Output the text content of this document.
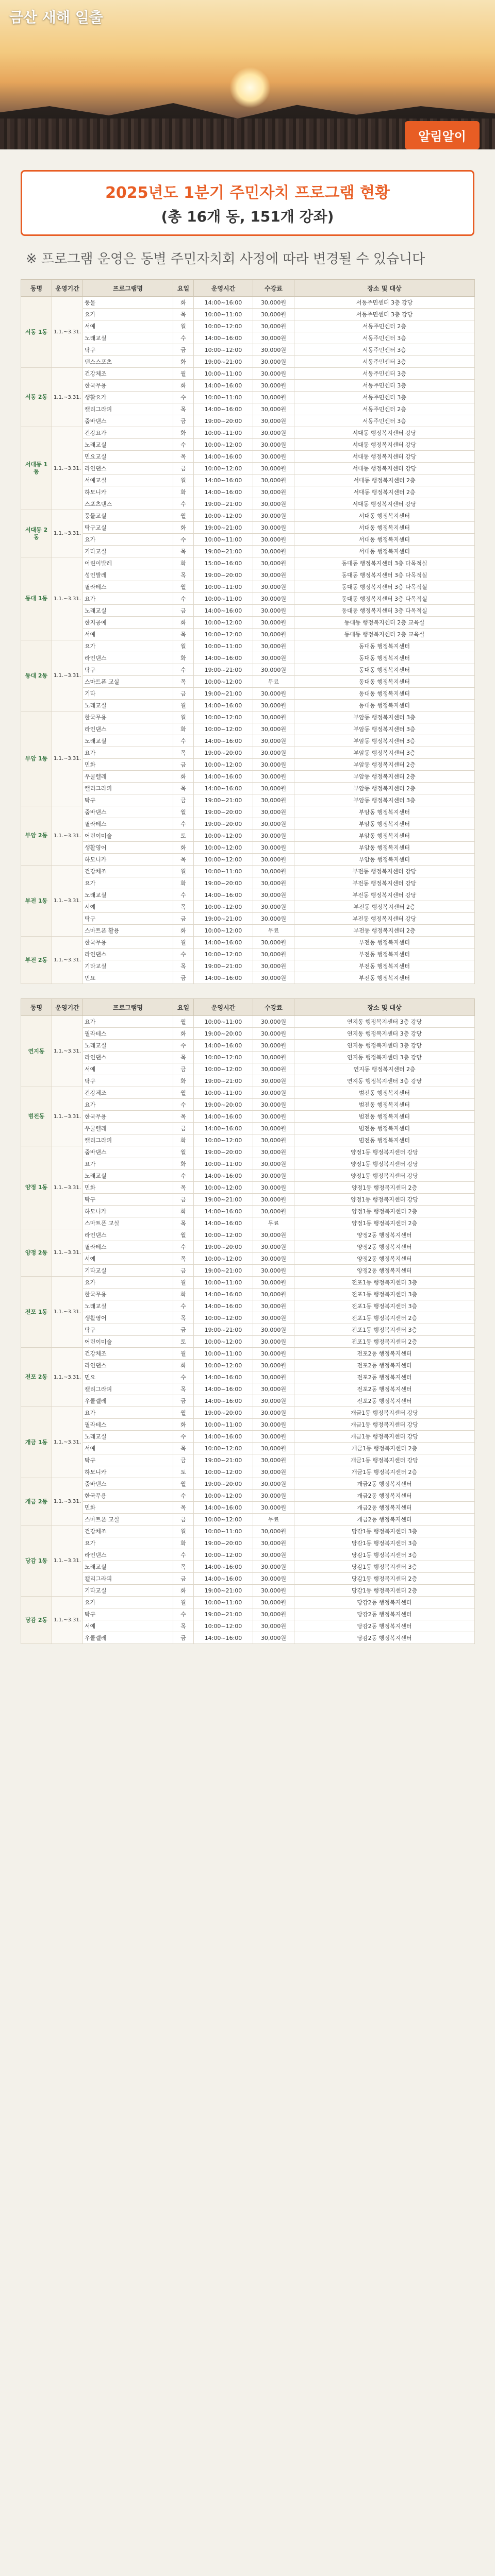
금산 새해 일출
알림알이
2025년도 1분기 주민자치 프로그램 현황
(총 16개 동, 151개 강좌)
※ 프로그램 운영은 동별 주민자치회 사정에 따라 변경될 수 있습니다
동명	운영기간	프로그램명	요일	운영시간	수강료	장소 및 대상
서동 1동	1.1.~3.31.	풍물	화	14:00~16:00	30,000원	서동주민센터 3층 강당
		요가	목	10:00~11:00	30,000원	서동주민센터 3층 강당
		서예	월	10:00~12:00	30,000원	서동주민센터 2층
		노래교실	수	14:00~16:00	30,000원	서동주민센터 3층
		탁구	금	10:00~12:00	30,000원	서동주민센터 3층
		댄스스포츠	화	19:00~21:00	30,000원	서동주민센터 3층
서동 2동	1.1.~3.31.	건강체조	월	10:00~11:00	30,000원	서동주민센터 3층
		한국무용	화	14:00~16:00	30,000원	서동주민센터 3층
		생활요가	수	10:00~11:00	30,000원	서동주민센터 3층
		캘리그라피	목	14:00~16:00	30,000원	서동주민센터 2층
		줌바댄스	금	19:00~20:00	30,000원	서동주민센터 3층
서대동 1동	1.1.~3.31.	건강요가	화	10:00~11:00	30,000원	서대동 행정복지센터 강당
		노래교실	수	10:00~12:00	30,000원	서대동 행정복지센터 강당
		민요교실	목	14:00~16:00	30,000원	서대동 행정복지센터 강당
		라인댄스	금	10:00~12:00	30,000원	서대동 행정복지센터 강당
		서예교실	월	14:00~16:00	30,000원	서대동 행정복지센터 2층
		하모니카	화	14:00~16:00	30,000원	서대동 행정복지센터 2층
		스포츠댄스	수	19:00~21:00	30,000원	서대동 행정복지센터 강당
서대동 2동	1.1.~3.31.	풍물교실	월	10:00~12:00	30,000원	서대동 행정복지센터
		탁구교실	화	19:00~21:00	30,000원	서대동 행정복지센터
		요가	수	10:00~11:00	30,000원	서대동 행정복지센터
		기타교실	목	19:00~21:00	30,000원	서대동 행정복지센터
동대 1동	1.1.~3.31.	어린이발레	화	15:00~16:00	30,000원	동대동 행정복지센터 3층 다목적실
		성인발레	목	19:00~20:00	30,000원	동대동 행정복지센터 3층 다목적실
		필라테스	월	10:00~11:00	30,000원	동대동 행정복지센터 3층 다목적실
		요가	수	10:00~11:00	30,000원	동대동 행정복지센터 3층 다목적실
		노래교실	금	14:00~16:00	30,000원	동대동 행정복지센터 3층 다목적실
		한지공예	화	10:00~12:00	30,000원	동대동 행정복지센터 2층 교육실
		서예	목	10:00~12:00	30,000원	동대동 행정복지센터 2층 교육실
동대 2동	1.1.~3.31.	요가	월	10:00~11:00	30,000원	동대동 행정복지센터
		라인댄스	화	14:00~16:00	30,000원	동대동 행정복지센터
		탁구	수	19:00~21:00	30,000원	동대동 행정복지센터
		스마트폰 교실	목	10:00~12:00	무료	동대동 행정복지센터
		기타	금	19:00~21:00	30,000원	동대동 행정복지센터
		노래교실	월	14:00~16:00	30,000원	동대동 행정복지센터
부암 1동	1.1.~3.31.	한국무용	월	10:00~12:00	30,000원	부암동 행정복지센터 3층
		라인댄스	화	10:00~12:00	30,000원	부암동 행정복지센터 3층
		노래교실	수	14:00~16:00	30,000원	부암동 행정복지센터 3층
		요가	목	19:00~20:00	30,000원	부암동 행정복지센터 3층
		민화	금	10:00~12:00	30,000원	부암동 행정복지센터 2층
		우쿨렐레	화	14:00~16:00	30,000원	부암동 행정복지센터 2층
		캘리그라피	목	14:00~16:00	30,000원	부암동 행정복지센터 2층
		탁구	금	19:00~21:00	30,000원	부암동 행정복지센터 3층
부암 2동	1.1.~3.31.	줌바댄스	월	19:00~20:00	30,000원	부암동 행정복지센터
		필라테스	수	19:00~20:00	30,000원	부암동 행정복지센터
		어린이미술	토	10:00~12:00	30,000원	부암동 행정복지센터
		생활영어	화	10:00~12:00	30,000원	부암동 행정복지센터
		하모니카	목	10:00~12:00	30,000원	부암동 행정복지센터
부전 1동	1.1.~3.31.	건강체조	월	10:00~11:00	30,000원	부전동 행정복지센터 강당
		요가	화	19:00~20:00	30,000원	부전동 행정복지센터 강당
		노래교실	수	14:00~16:00	30,000원	부전동 행정복지센터 강당
		서예	목	10:00~12:00	30,000원	부전동 행정복지센터 2층
		탁구	금	19:00~21:00	30,000원	부전동 행정복지센터 강당
		스마트폰 활용	화	10:00~12:00	무료	부전동 행정복지센터 2층
부전 2동	1.1.~3.31.	한국무용	월	14:00~16:00	30,000원	부전동 행정복지센터
		라인댄스	수	10:00~12:00	30,000원	부전동 행정복지센터
		기타교실	목	19:00~21:00	30,000원	부전동 행정복지센터
		민요	금	14:00~16:00	30,000원	부전동 행정복지센터
동명	운영기간	프로그램명	요일	운영시간	수강료	장소 및 대상
연지동	1.1.~3.31.	요가	월	10:00~11:00	30,000원	연지동 행정복지센터 3층 강당
		필라테스	화	19:00~20:00	30,000원	연지동 행정복지센터 3층 강당
		노래교실	수	14:00~16:00	30,000원	연지동 행정복지센터 3층 강당
		라인댄스	목	10:00~12:00	30,000원	연지동 행정복지센터 3층 강당
		서예	금	10:00~12:00	30,000원	연지동 행정복지센터 2층
		탁구	화	19:00~21:00	30,000원	연지동 행정복지센터 3층 강당
범전동	1.1.~3.31.	건강체조	월	10:00~11:00	30,000원	범전동 행정복지센터
		요가	수	19:00~20:00	30,000원	범전동 행정복지센터
		한국무용	목	14:00~16:00	30,000원	범전동 행정복지센터
		우쿨렐레	금	14:00~16:00	30,000원	범전동 행정복지센터
		캘리그라피	화	10:00~12:00	30,000원	범전동 행정복지센터
양정 1동	1.1.~3.31.	줌바댄스	월	19:00~20:00	30,000원	양정1동 행정복지센터 강당
		요가	화	10:00~11:00	30,000원	양정1동 행정복지센터 강당
		노래교실	수	14:00~16:00	30,000원	양정1동 행정복지센터 강당
		민화	목	10:00~12:00	30,000원	양정1동 행정복지센터 2층
		탁구	금	19:00~21:00	30,000원	양정1동 행정복지센터 강당
		하모니카	화	14:00~16:00	30,000원	양정1동 행정복지센터 2층
		스마트폰 교실	목	14:00~16:00	무료	양정1동 행정복지센터 2층
양정 2동	1.1.~3.31.	라인댄스	월	10:00~12:00	30,000원	양정2동 행정복지센터
		필라테스	수	19:00~20:00	30,000원	양정2동 행정복지센터
		서예	목	10:00~12:00	30,000원	양정2동 행정복지센터
		기타교실	금	19:00~21:00	30,000원	양정2동 행정복지센터
전포 1동	1.1.~3.31.	요가	월	10:00~11:00	30,000원	전포1동 행정복지센터 3층
		한국무용	화	14:00~16:00	30,000원	전포1동 행정복지센터 3층
		노래교실	수	14:00~16:00	30,000원	전포1동 행정복지센터 3층
		생활영어	목	10:00~12:00	30,000원	전포1동 행정복지센터 2층
		탁구	금	19:00~21:00	30,000원	전포1동 행정복지센터 3층
		어린이미술	토	10:00~12:00	30,000원	전포1동 행정복지센터 2층
전포 2동	1.1.~3.31.	건강체조	월	10:00~11:00	30,000원	전포2동 행정복지센터
		라인댄스	화	10:00~12:00	30,000원	전포2동 행정복지센터
		민요	수	14:00~16:00	30,000원	전포2동 행정복지센터
		캘리그라피	목	14:00~16:00	30,000원	전포2동 행정복지센터
		우쿨렐레	금	14:00~16:00	30,000원	전포2동 행정복지센터
개금 1동	1.1.~3.31.	요가	월	19:00~20:00	30,000원	개금1동 행정복지센터 강당
		필라테스	화	10:00~11:00	30,000원	개금1동 행정복지센터 강당
		노래교실	수	14:00~16:00	30,000원	개금1동 행정복지센터 강당
		서예	목	10:00~12:00	30,000원	개금1동 행정복지센터 2층
		탁구	금	19:00~21:00	30,000원	개금1동 행정복지센터 강당
		하모니카	토	10:00~12:00	30,000원	개금1동 행정복지센터 2층
개금 2동	1.1.~3.31.	줌바댄스	월	19:00~20:00	30,000원	개금2동 행정복지센터
		한국무용	수	10:00~12:00	30,000원	개금2동 행정복지센터
		민화	목	14:00~16:00	30,000원	개금2동 행정복지센터
		스마트폰 교실	금	10:00~12:00	무료	개금2동 행정복지센터
당감 1동	1.1.~3.31.	건강체조	월	10:00~11:00	30,000원	당감1동 행정복지센터 3층
		요가	화	19:00~20:00	30,000원	당감1동 행정복지센터 3층
		라인댄스	수	10:00~12:00	30,000원	당감1동 행정복지센터 3층
		노래교실	목	14:00~16:00	30,000원	당감1동 행정복지센터 3층
		캘리그라피	금	14:00~16:00	30,000원	당감1동 행정복지센터 2층
		기타교실	화	19:00~21:00	30,000원	당감1동 행정복지센터 2층
당감 2동	1.1.~3.31.	요가	월	10:00~11:00	30,000원	당감2동 행정복지센터
		탁구	수	19:00~21:00	30,000원	당감2동 행정복지센터
		서예	목	10:00~12:00	30,000원	당감2동 행정복지센터
		우쿨렐레	금	14:00~16:00	30,000원	당감2동 행정복지센터
